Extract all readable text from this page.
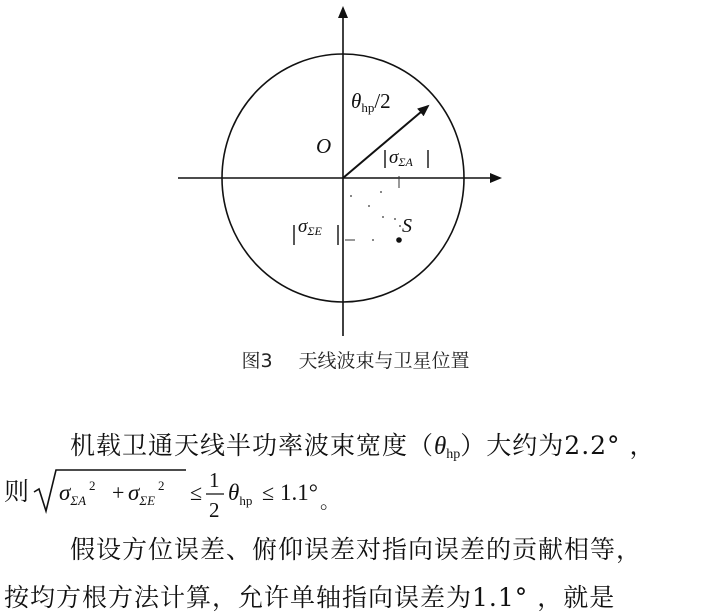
O
θhp/2
σΣA
σΣE	S
图3 天线波束与卫星位置
机载卫通天线半功率波束宽度$(\theta_{hp})$大约为2.2° ，
则 $\sigma_{\Sigma A}^2 + \sigma_{\Sigma E}^2 \le 1$
2
$\theta_{hp} \le 1.1^\circ$ 。
假设方位误差、俯仰误差对指向误差的贡献相等，
按均方根方法计算，允许单轴指向误差为1.1° ，就是
